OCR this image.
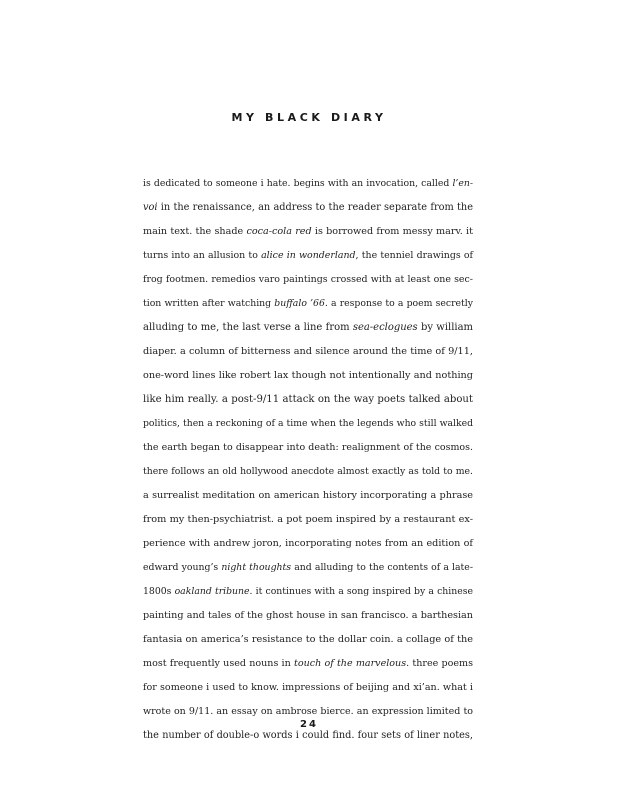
MY BLACK DIARY
is dedicated to someone i hate. begins with an invocation, called l’en-
voi in the renaissance, an address to the reader separate from the
main text. the shade coca-cola red is borrowed from messy marv. it
turns into an allusion to alice in wonderland, the tenniel drawings of
frog footmen. remedios varo paintings crossed with at least one sec-
tion written after watching buffalo ’66. a response to a poem secretly
alluding to me, the last verse a line from sea-eclogues by william
diaper. a column of bitterness and silence around the time of 9/11,
one-word lines like robert lax though not intentionally and nothing
like him really. a post-9/11 attack on the way poets talked about
politics, then a reckoning of a time when the legends who still walked
the earth began to disappear into death: realignment of the cosmos.
there follows an old hollywood anecdote almost exactly as told to me.
a surrealist meditation on american history incorporating a phrase
from my then-psychiatrist. a pot poem inspired by a restaurant ex-
perience with andrew joron, incorporating notes from an edition of
edward young’s night thoughts and alluding to the contents of a late-
1800s oakland tribune. it continues with a song inspired by a chinese
painting and tales of the ghost house in san francisco. a barthesian
fantasia on america’s resistance to the dollar coin. a collage of the
most frequently used nouns in touch of the marvelous. three poems
for someone i used to know. impressions of beijing and xi’an. what i
wrote on 9/11. an essay on ambrose bierce. an expression limited to
the number of double-o words i could find. four sets of liner notes,
24
